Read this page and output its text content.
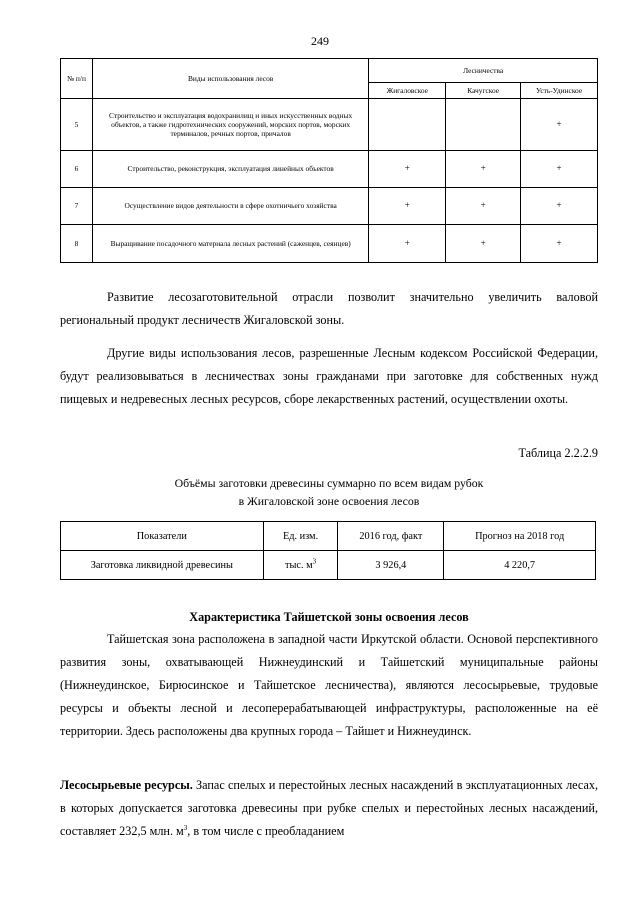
249
№ п/п	Виды использования лесов	Лесничества		
		Жигаловское	Качугское	Усть-Удинское
5	Строительство и эксплуатация водохранилищ и иных искусственных водных объектов, а также гидротехнических сооружений, морских портов, морских терминалов, речных портов, причалов			+
6	Строительство, реконструкция, эксплуатация линейных объектов	+	+	+
7	Осуществление видов деятельности в сфере охотничьего хозяйства	+	+	+
8	Выращивание посадочного материала лесных растений (саженцев, сеянцев)	+	+	+
Развитие лесозаготовительной отрасли позволит значительно увеличить валовой региональный продукт лесничеств Жигаловской зоны.
Другие виды использования лесов, разрешенные Лесным кодексом Российской Федерации, будут реализовываться в лесничествах зоны гражданами при заготовке для собственных нужд пищевых и недревесных лесных ресурсов, сборе лекарственных растений, осуществлении охоты.
Таблица 2.2.2.9
Объёмы заготовки древесины суммарно по всем видам рубок
в Жигаловской зоне освоения лесов
Показатели	Ед. изм.	2016 год, факт	Прогноз на 2018 год
Заготовка ликвидной древесины	тыс. $м^3$	3 926,4	4 220,7
Характеристика Тайшетской зоны освоения лесов
Тайшетская зона расположена в западной части Иркутской области. Основой перспективного развития зоны, охватывающей Нижнеудинский и Тайшетский муниципальные районы (Нижнеудинское, Бирюсинское и Тайшетское лесничества), являются лесосырьевые, трудовые ресурсы и объекты лесной и лесоперерабатывающей инфраструктуры, расположенные на её территории. Здесь расположены два крупных города – Тайшет и Нижнеудинск.
Лесосырьевые ресурсы. Запас спелых и перестойных лесных насаждений в эксплуатационных лесах, в которых допускается заготовка древесины при рубке спелых и перестойных лесных насаждений, составляет 232,5 млн. $м^3$, в том числе с преобладанием
